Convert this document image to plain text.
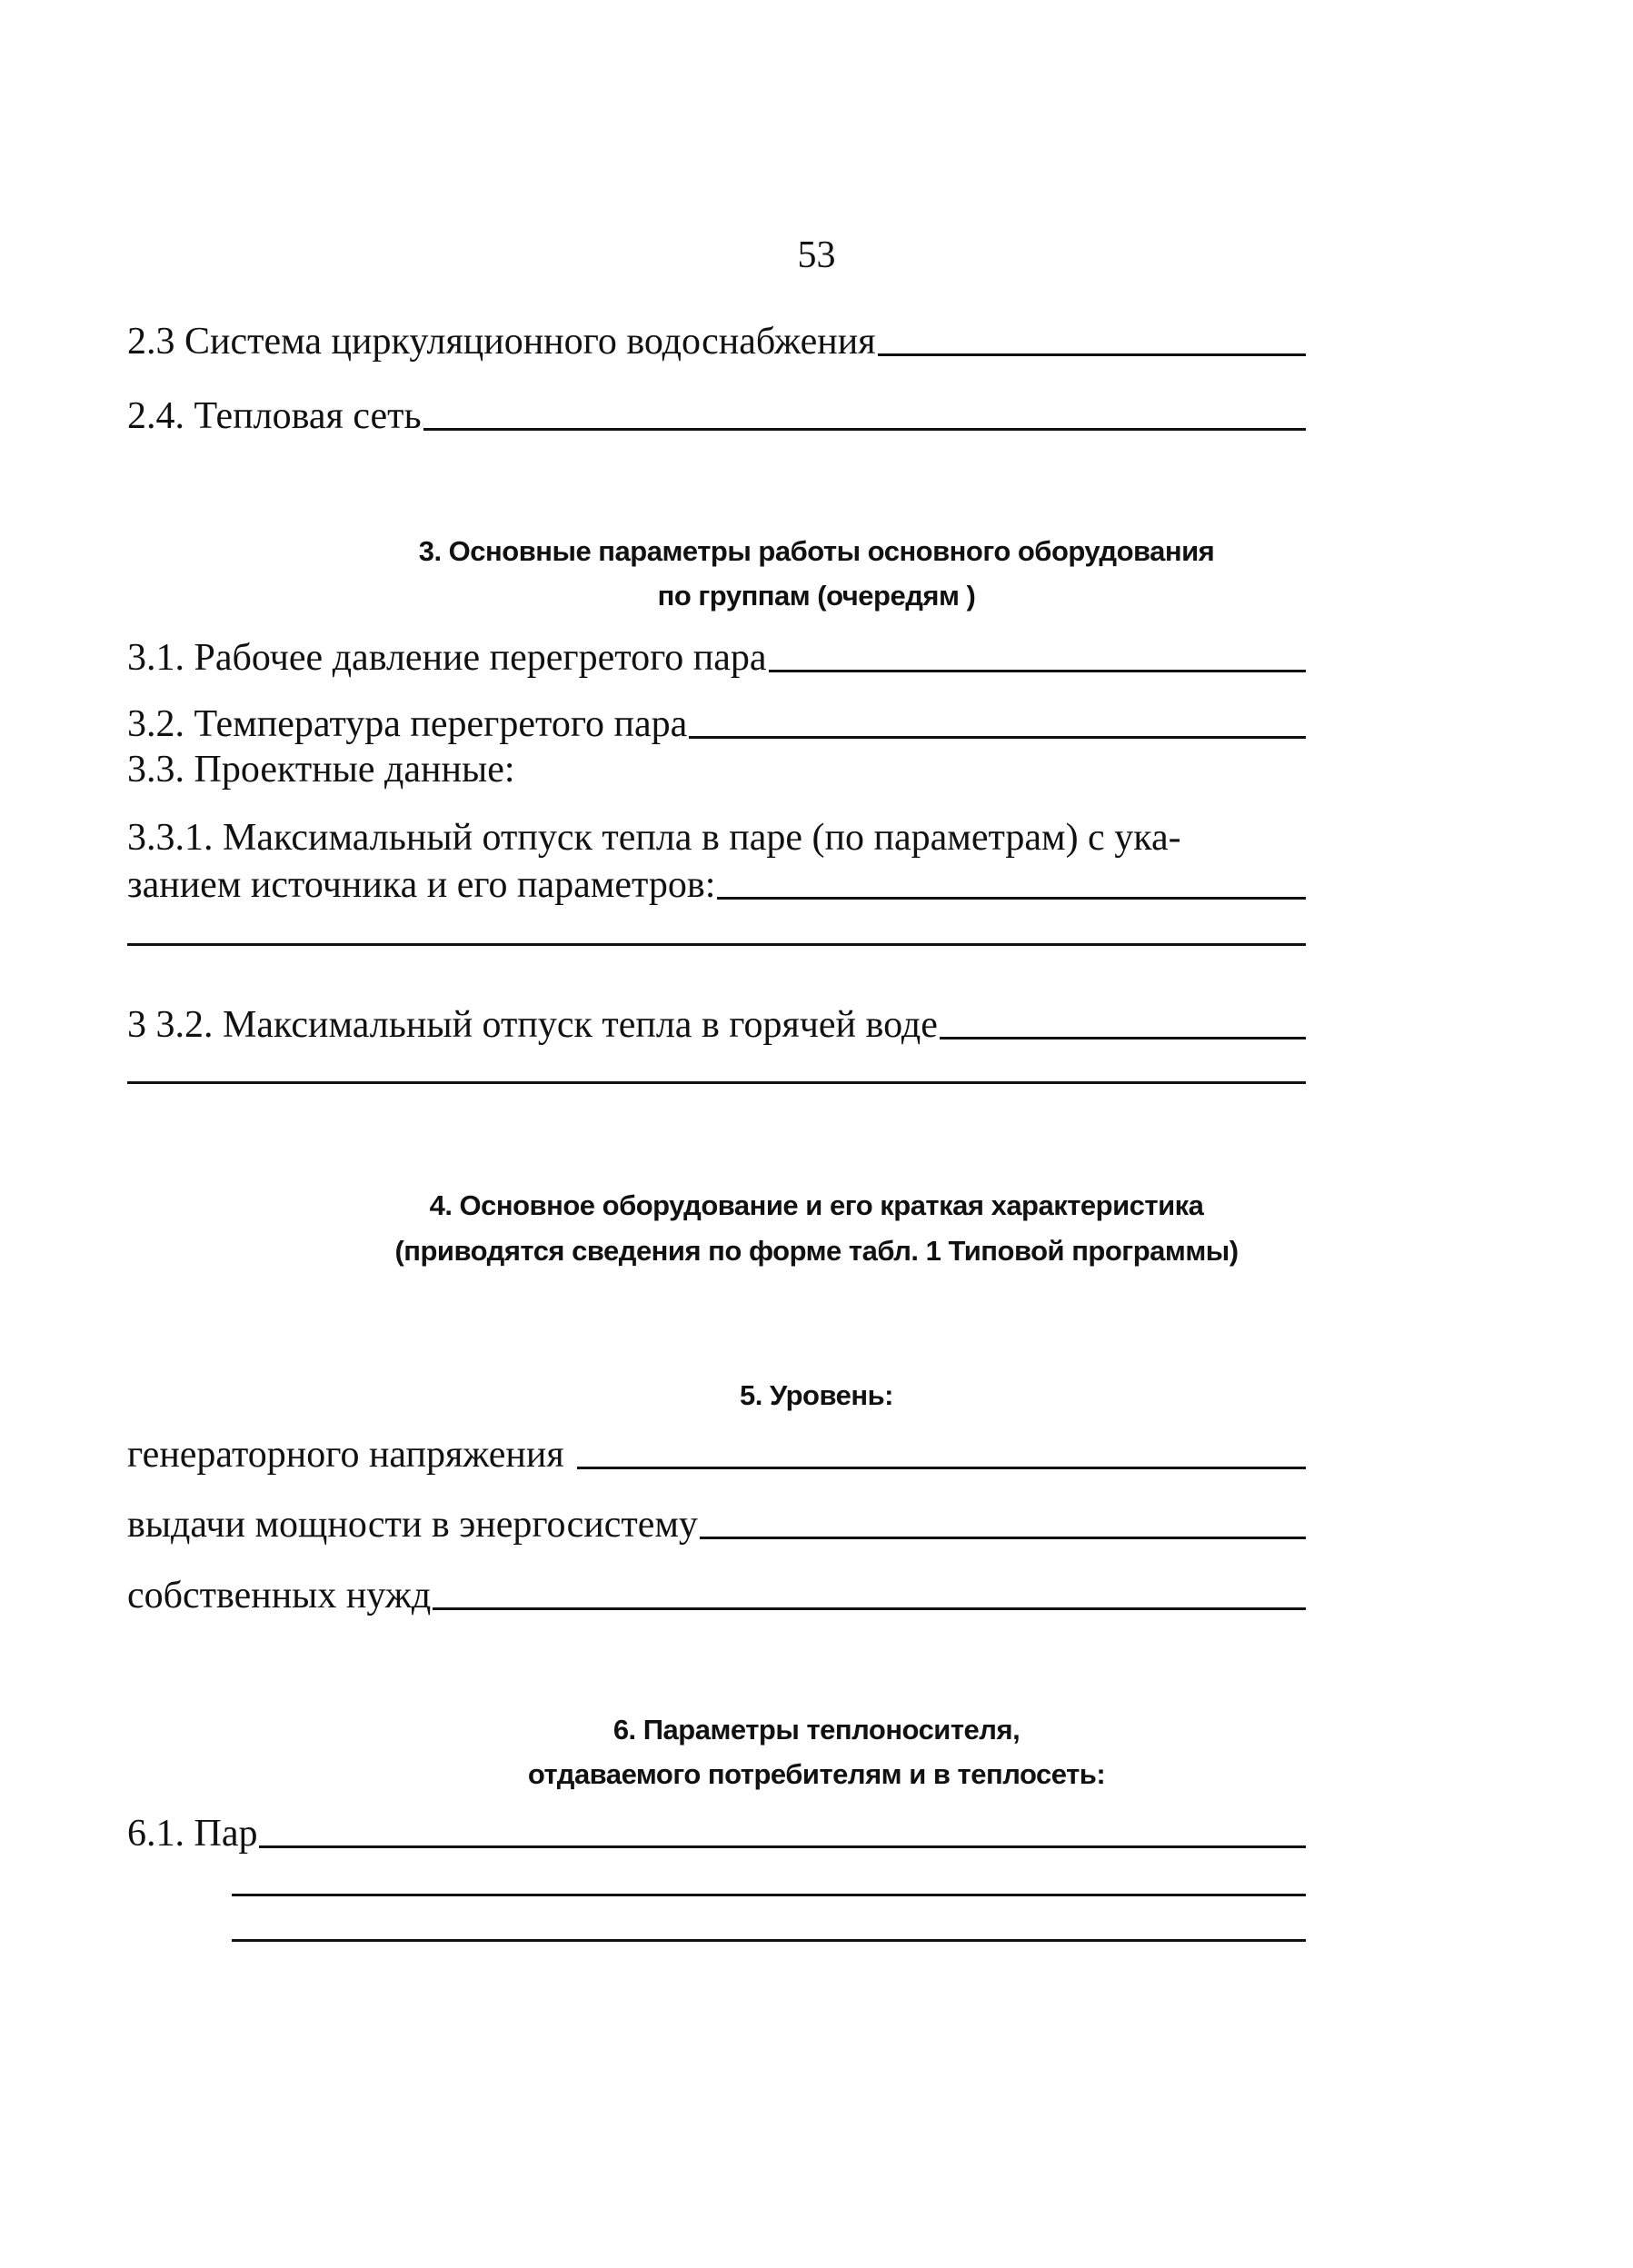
53
2.3 Система циркуляционного водоснабжения
2.4. Тепловая сеть
3. Основные параметры работы основного оборудования
по группам (очередям )
3.1. Рабочее давление перегретого пара
3.2. Температура перегретого пара
3.3. Проектные данные:
3.3.1. Максимальный отпуск тепла в паре (по параметрам) с ука-
занием источника и его параметров:
3 3.2. Максимальный отпуск тепла в горячей воде
4. Основное оборудование и его краткая характеристика
(приводятся сведения по форме табл. 1 Типовой программы)
5. Уровень:
генераторного напряжения
выдачи мощности в энергосистему
собственных нужд
6. Параметры теплоносителя,
отдаваемого потребителям и в теплосеть:
6.1. Пар
